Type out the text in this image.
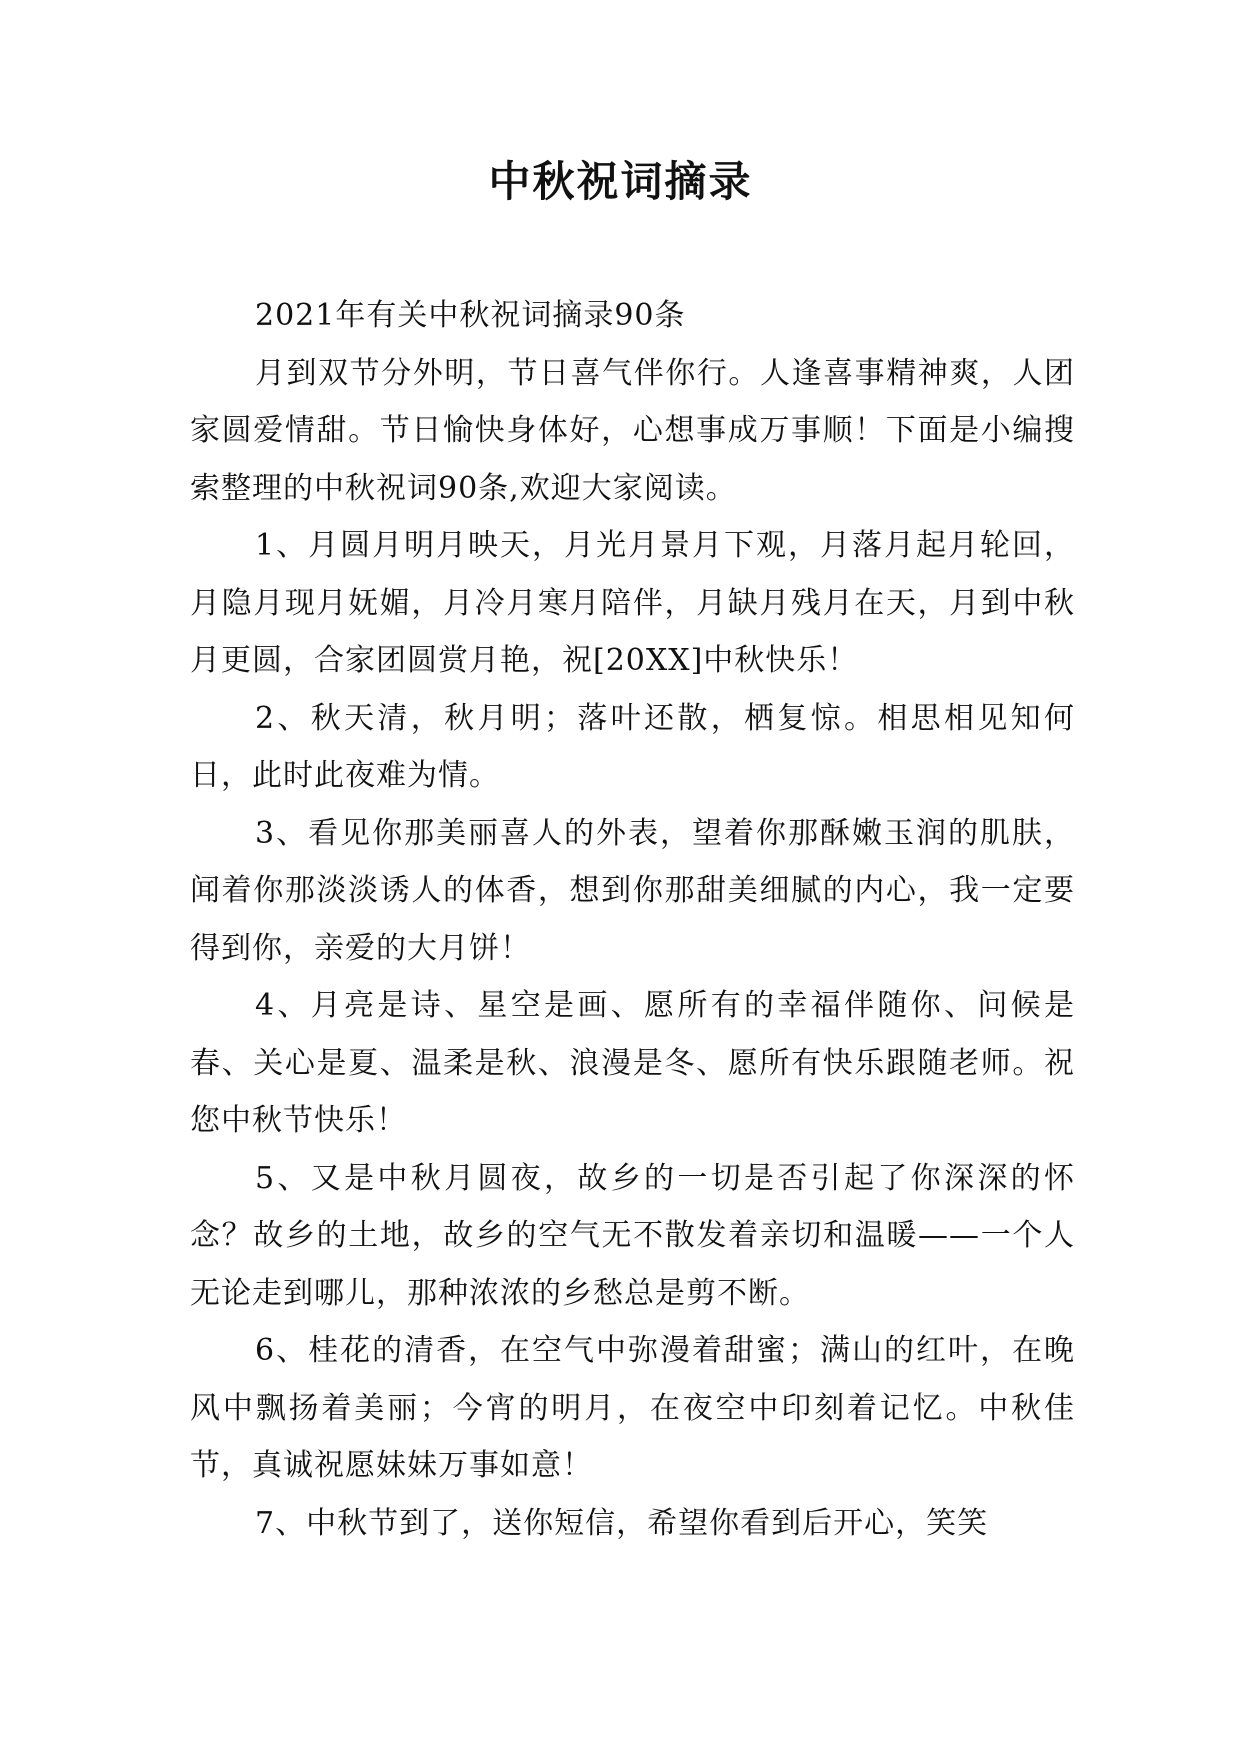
中秋祝词摘录

2021年有关中秋祝词摘录90条

月到双节分外明，节日喜气伴你行。人逢喜事精神爽，人团家圆爱情甜。节日愉快身体好，心想事成万事顺！下面是小编搜索整理的中秋祝词90条,欢迎大家阅读。

1、月圆月明月映天，月光月景月下观，月落月起月轮回，月隐月现月妩媚，月冷月寒月陪伴，月缺月残月在天，月到中秋月更圆，合家团圆赏月艳，祝[20XX]中秋快乐！

2、秋天清，秋月明；落叶还散，栖复惊。相思相见知何日，此时此夜难为情。

3、看见你那美丽喜人的外表，望着你那酥嫩玉润的肌肤，闻着你那淡淡诱人的体香，想到你那甜美细腻的内心，我一定要得到你，亲爱的大月饼！

4、月亮是诗、星空是画、愿所有的幸福伴随你、问候是春、关心是夏、温柔是秋、浪漫是冬、愿所有快乐跟随老师。祝您中秋节快乐！

5、又是中秋月圆夜，故乡的一切是否引起了你深深的怀念？故乡的土地，故乡的空气无不散发着亲切和温暖——一个人无论走到哪儿，那种浓浓的乡愁总是剪不断。

6、桂花的清香，在空气中弥漫着甜蜜；满山的红叶，在晚风中飘扬着美丽；今宵的明月，在夜空中印刻着记忆。中秋佳节，真诚祝愿妹妹万事如意！

7、中秋节到了，送你短信，希望你看到后开心，笑笑
